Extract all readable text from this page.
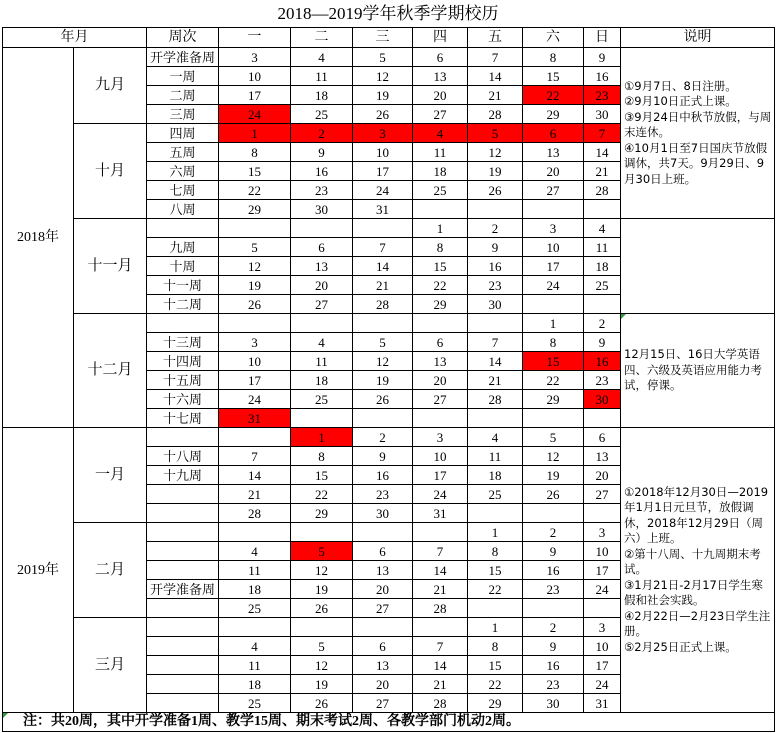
2018—2019学年秋季学期校历
年月		周次	一	二	三	四	五	六	日	说明
2018年	九月	开学准备周	3	4	5	6	7	8	9	①9月7日、8日注册。
②9月10日正式上课。
③9月24日中秋节放假，与周末连休。
④10月1日至7日国庆节放假调休，共7天。9月29日、9月30日上班。

		一周	10	11	12	13	14	15	16	
		二周	17	18	19	20	21	22	23	
		三周	24	25	26	27	28	29	30	
	十月	四周	1	2	3	4	5	6	7	
		五周	8	9	10	11	12	13	14	
		六周	15	16	17	18	19	20	21	
		七周	22	23	24	25	26	27	28	
		八周	29	30	31					
	十一月					1	2	3	4	
		九周	5	6	7	8	9	10	11	
		十周	12	13	14	15	16	17	18	
		十一周	19	20	21	22	23	24	25	
		十二周	26	27	28	29	30			
	十二月							1	2	12月15日、16日大学英语四、六级及英语应用能力考试，停课。

		十三周	3	4	5	6	7	8	9	
		十四周	10	11	12	13	14	15	16	
		十五周	17	18	19	20	21	22	23	
		十六周	24	25	26	27	28	29	30	
		十七周	31							
2019年	一月			1	2	3	4	5	6	①2018年12月30日—2019年1月1日元旦节，放假调休，2018年12月29日（周六）上班。
②第十八周、十九周期末考试。
③1月21日-2月17日学生寒假和社会实践。
④2月22日—2月23日学生注册。
⑤2月25日正式上课。

		十八周	7	8	9	10	11	12	13	
		十九周	14	15	16	17	18	19	20	
			21	22	23	24	25	26	27	
			28	29	30	31				
	二月						1	2	3	
			4	5	6	7	8	9	10	
			11	12	13	14	15	16	17	
		开学准备周	18	19	20	21	22	23	24	
			25	26	27	28				
	三月						1	2	3	
			4	5	6	7	8	9	10	
			11	12	13	14	15	16	17	
			18	19	20	21	22	23	24	
			25	26	27	28	29	30	31	
注：共20周，其中开学准备1周、教学15周、期末考试2周、各教学部门机动2周。										
